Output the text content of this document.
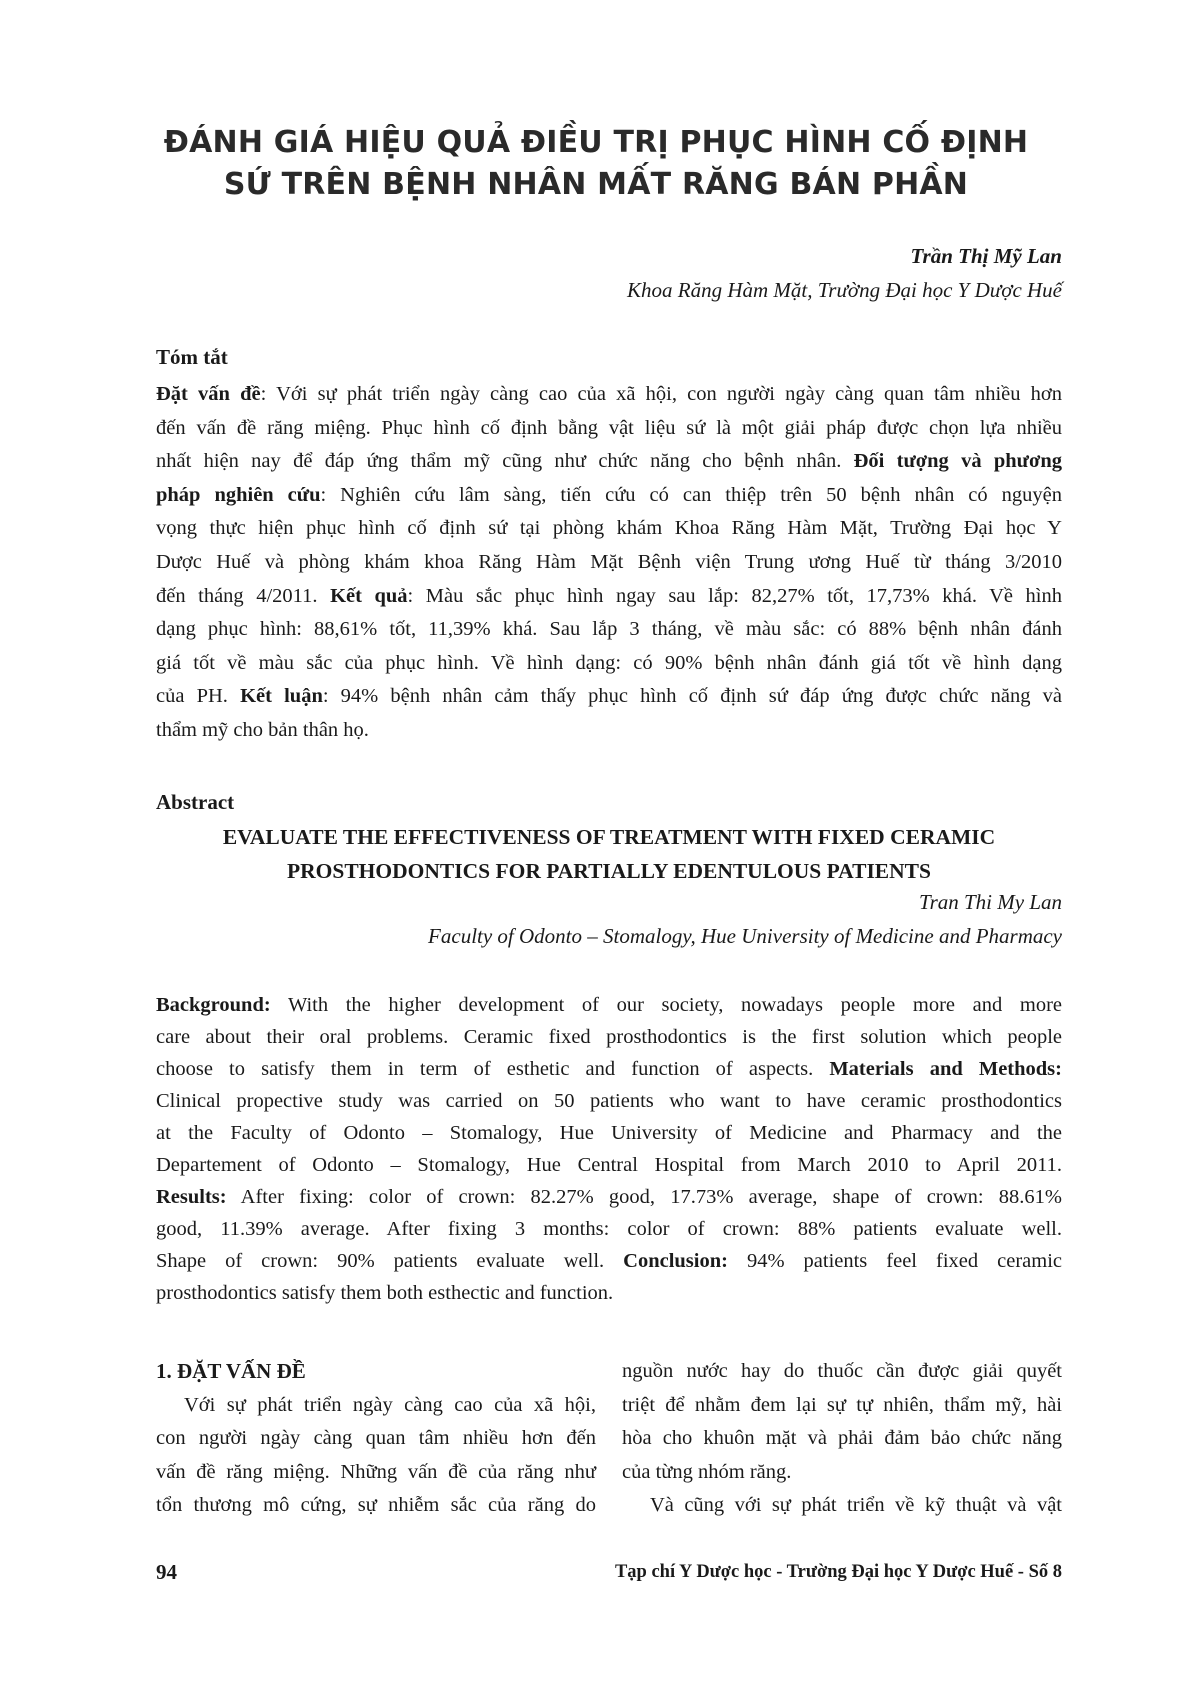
ĐÁNH GIÁ HIỆU QUẢ ĐIỀU TRỊ PHỤC HÌNH CỐ ĐỊNH
SỨ TRÊN BỆNH NHÂN MẤT RĂNG BÁN PHẦN
Trần Thị Mỹ Lan
Khoa Răng Hàm Mặt, Trường Đại học Y Dược Huế
Tóm tắt
Đặt vấn đề: Với sự phát triển ngày càng cao của xã hội, con người ngày càng quan tâm nhiều hơn
đến vấn đề răng miệng. Phục hình cố định bằng vật liệu sứ là một giải pháp được chọn lựa nhiều
nhất hiện nay để đáp ứng thẩm mỹ cũng như chức năng cho bệnh nhân. Đối tượng và phương
pháp nghiên cứu: Nghiên cứu lâm sàng, tiến cứu có can thiệp trên 50 bệnh nhân có nguyện
vọng thực hiện phục hình cố định sứ tại phòng khám Khoa Răng Hàm Mặt, Trường Đại học Y
Dược Huế và phòng khám khoa Răng Hàm Mặt Bệnh viện Trung ương Huế từ tháng 3/2010
đến tháng 4/2011. Kết quả: Màu sắc phục hình ngay sau lắp: 82,27% tốt, 17,73% khá. Về hình
dạng phục hình: 88,61% tốt, 11,39% khá. Sau lắp 3 tháng, về màu sắc: có 88% bệnh nhân đánh
giá tốt về màu sắc của phục hình. Về hình dạng: có 90% bệnh nhân đánh giá tốt về hình dạng
của PH. Kết luận: 94% bệnh nhân cảm thấy phục hình cố định sứ đáp ứng được chức năng và
thẩm mỹ cho bản thân họ.
Abstract
EVALUATE THE EFFECTIVENESS OF TREATMENT WITH FIXED CERAMIC
PROSTHODONTICS FOR PARTIALLY EDENTULOUS PATIENTS
Tran Thi My Lan
Faculty of Odonto – Stomalogy, Hue University of Medicine and Pharmacy
Background: With the higher development of our society, nowadays people more and more
care about their oral problems. Ceramic fixed prosthodontics is the first solution which people
choose to satisfy them in term of esthetic and function of aspects. Materials and Methods:
Clinical propective study was carried on 50 patients who want to have ceramic prosthodontics
at the Faculty of Odonto – Stomalogy, Hue University of Medicine and Pharmacy and the
Departement of Odonto – Stomalogy, Hue Central Hospital from March 2010 to April 2011.
Results: After fixing: color of crown: 82.27% good, 17.73% average, shape of crown: 88.61%
good, 11.39% average. After fixing 3 months: color of crown: 88% patients evaluate well.
Shape of crown: 90% patients evaluate well. Conclusion: 94% patients feel fixed ceramic
prosthodontics satisfy them both esthectic and function.
1. ĐẶT VẤN ĐỀ
Với sự phát triển ngày càng cao của xã hội,
con người ngày càng quan tâm nhiều hơn đến
vấn đề răng miệng. Những vấn đề của răng như
tổn thương mô cứng, sự nhiễm sắc của răng do
nguồn nước hay do thuốc cần được giải quyết
triệt để nhằm đem lại sự tự nhiên, thẩm mỹ, hài
hòa cho khuôn mặt và phải đảm bảo chức năng
của từng nhóm răng.
Và cũng với sự phát triển về kỹ thuật và vật
94	Tạp chí Y Dược học - Trường Đại học Y Dược Huế - Số 8
